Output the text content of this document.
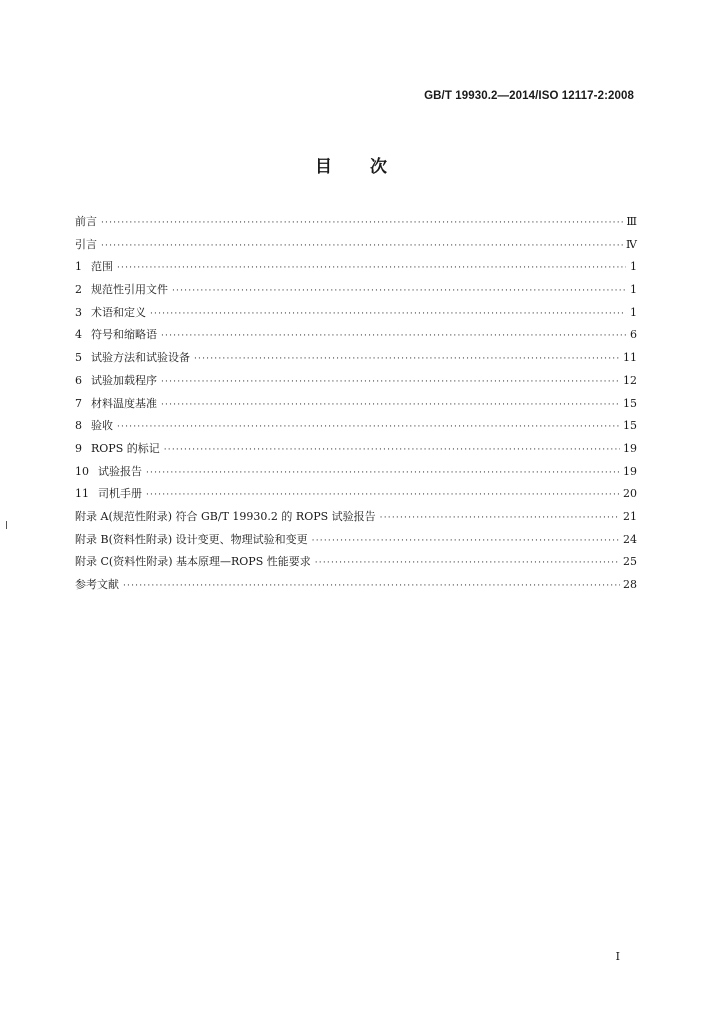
GB/T 19930.2—2014/ISO 12117-2:2008
目 次
前言 ·····	Ⅲ
引言 ·····	Ⅳ
1 范围 ·····	1
2 规范性引用文件 ·····	1
3 术语和定义 ·····	1
4 符号和缩略语 ·····	6
5 试验方法和试验设备 ·····	11
6 试验加载程序 ·····	12
7 材料温度基准 ·····	15
8 验收 ·····	15
9 ROPS 的标记 ·····	19
10 试验报告 ·····	19
11 司机手册 ·····	20
附录 A(规范性附录) 符合 GB/T 19930.2 的 ROPS 试验报告 ·····	21
附录 B(资料性附录) 设计变更、物理试验和变更 ·····	24
附录 C(资料性附录) 基本原理—ROPS 性能要求 ·····	25
参考文献 ·····	28
I
